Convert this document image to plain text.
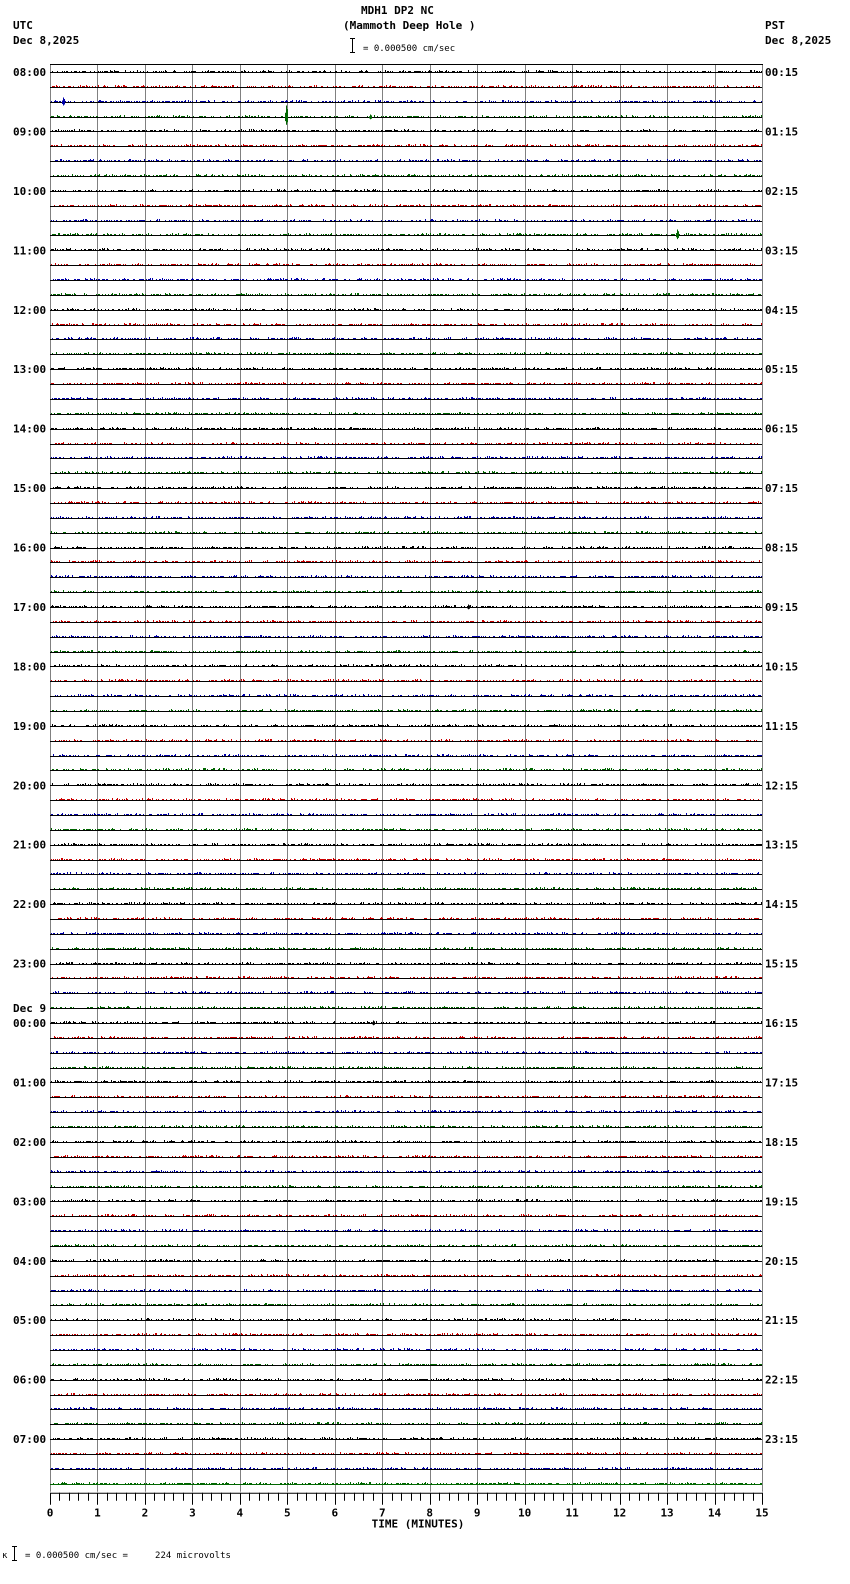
MDH1 DP2 NC
(Mammoth Deep Hole )
UTC
Dec 8,2025
PST
Dec 8,2025
= 0.000500 cm/sec
08:00
09:00
10:00
11:00
12:00
13:00
14:00
15:00
16:00
17:00
18:00
19:00
20:00
21:00
22:00
23:00
00:00
Dec 9
01:00
02:00
03:00
04:00
05:00
06:00
07:00
00:15
01:15
02:15
03:15
04:15
05:15
06:15
07:15
08:15
09:15
10:15
11:15
12:15
13:15
14:15
15:15
16:15
17:15
18:15
19:15
20:15
21:15
22:15
23:15
0	1	2	3	4	5	6	7	8	9	10	11	12	13	14	15
TIME (MINUTES)
к = 0.000500 cm/sec =     224 microvolts
